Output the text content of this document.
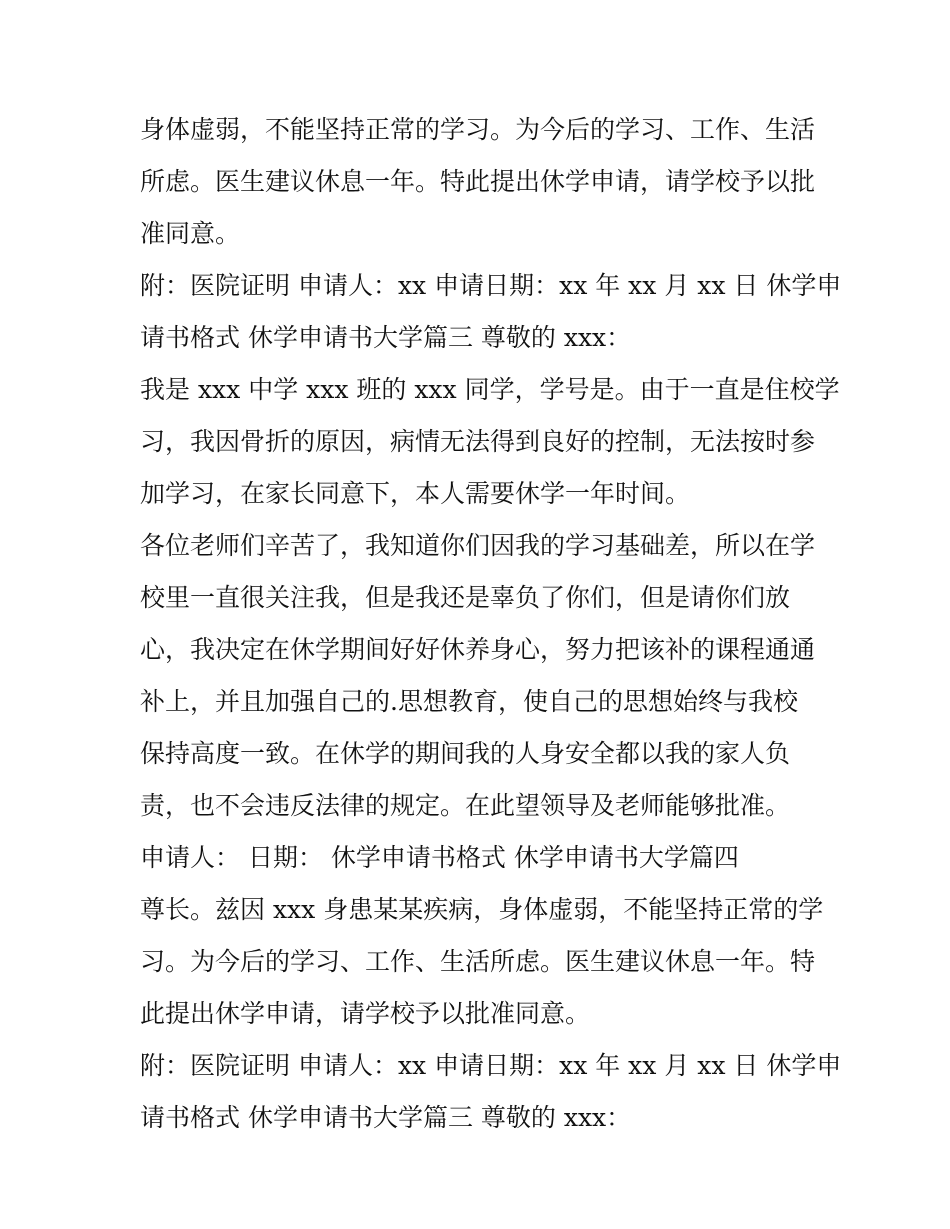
身体虚弱，不能坚持正常的学习。为今后的学习、工作、生活
所虑。医生建议休息一年。特此提出休学申请，请学校予以批
准同意。
附：医院证明 申请人：xx 申请日期：xx 年 xx 月 xx 日 休学申
请书格式 休学申请书大学篇三 尊敬的 xxx：
我是 xxx 中学 xxx 班的 xxx 同学，学号是。由于一直是住校学
习，我因骨折的原因，病情无法得到良好的控制，无法按时参
加学习，在家长同意下，本人需要休学一年时间。
各位老师们辛苦了，我知道你们因我的学习基础差，所以在学
校里一直很关注我，但是我还是辜负了你们，但是请你们放
心，我决定在休学期间好好休养身心，努力把该补的课程通通
补上，并且加强自己的.思想教育，使自己的思想始终与我校
保持高度一致。在休学的期间我的人身安全都以我的家人负
责，也不会违反法律的规定。在此望领导及老师能够批准。
申请人： 日期： 休学申请书格式 休学申请书大学篇四
尊长。兹因 xxx 身患某某疾病，身体虚弱，不能坚持正常的学
习。为今后的学习、工作、生活所虑。医生建议休息一年。特
此提出休学申请，请学校予以批准同意。
附：医院证明 申请人：xx 申请日期：xx 年 xx 月 xx 日 休学申
请书格式 休学申请书大学篇三 尊敬的 xxx：
